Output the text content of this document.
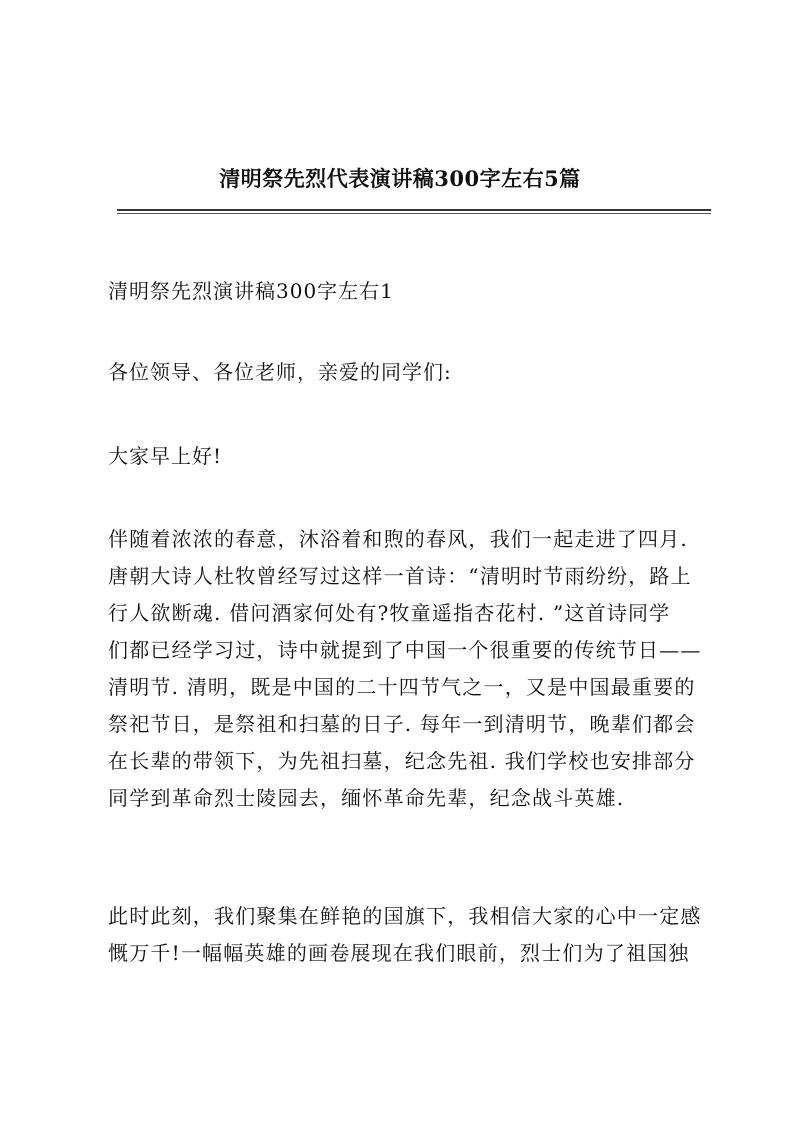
清明祭先烈代表演讲稿300字左右5篇
清明祭先烈演讲稿300字左右1
各位领导、各位老师，亲爱的同学们:
大家早上好!
伴随着浓浓的春意，沐浴着和煦的春风，我们一起走进了四月.
唐朝大诗人杜牧曾经写过这样一首诗：“清明时节雨纷纷，路上
行人欲断魂. 借问酒家何处有?牧童遥指杏花村. ”这首诗同学
们都已经学习过，诗中就提到了中国一个很重要的传统节日——
清明节. 清明，既是中国的二十四节气之一，又是中国最重要的
祭祀节日，是祭祖和扫墓的日子. 每年一到清明节，晚辈们都会
在长辈的带领下，为先祖扫墓，纪念先祖. 我们学校也安排部分
同学到革命烈士陵园去，缅怀革命先辈，纪念战斗英雄.
此时此刻，我们聚集在鲜艳的国旗下，我相信大家的心中一定感
慨万千!一幅幅英雄的画卷展现在我们眼前，烈士们为了祖国独
